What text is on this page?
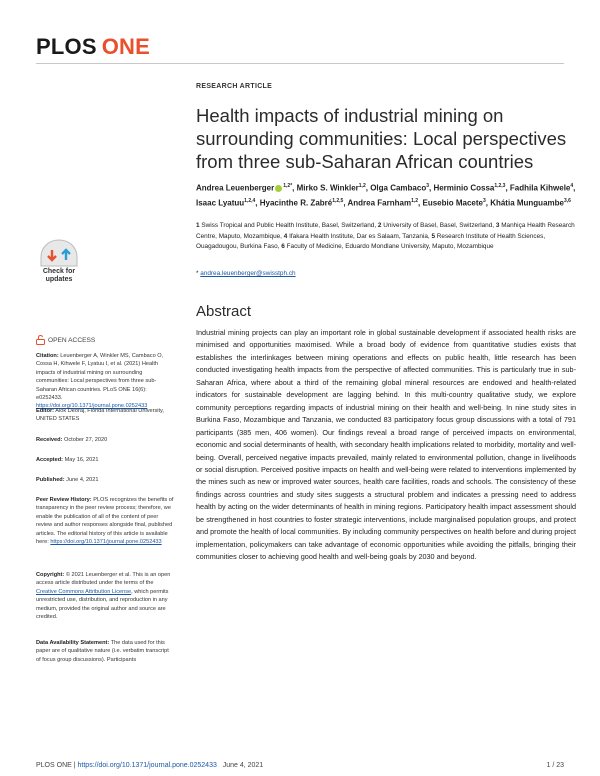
PLOS ONE
RESEARCH ARTICLE
Health impacts of industrial mining on surrounding communities: Local perspectives from three sub-Saharan African countries
Andrea Leuenberger $^{1,2*}$, Mirko S. Winkler$^{1,2}$, Olga Cambaco$^3$, Herminio Cossa$^{1,2,3}$, Fadhila Kihwele$^4$, Isaac Lyatuu$^{1,2,4}$, Hyacinthe R. Zabré$^{1,2,5}$, Andrea Farnham$^{1,2}$, Eusebio Macete$^3$, Khátia Munguambe$^{3,6}$
1 Swiss Tropical and Public Health Institute, Basel, Switzerland, 2 University of Basel, Basel, Switzerland, 3 Manhiça Health Research Centre, Maputo, Mozambique, 4 Ifakara Health Institute, Dar es Salaam, Tanzania, 5 Research Institute of Health Sciences, Ouagadougou, Burkina Faso, 6 Faculty of Medicine, Eduardo Mondlane University, Maputo, Mozambique
* andrea.leuenberger@swisstph.ch
Check for updates
OPEN ACCESS
Citation: Leuenberger A, Winkler MS, Cambaco O, Cossa H, Kihwele F, Lyatuu I, et al. (2021) Health impacts of industrial mining on surrounding communities: Local perspectives from three sub-Saharan African countries. PLoS ONE 16(6): e0252433. https://doi.org/10.1371/journal.pone.0252433
Editor: Alok Deoraj, Florida International University, UNITED STATES
Received: October 27, 2020
Accepted: May 16, 2021
Published: June 4, 2021
Peer Review History: PLOS recognizes the benefits of transparency in the peer review process; therefore, we enable the publication of all of the content of peer review and author responses alongside final, published articles. The editorial history of this article is available here: https://doi.org/10.1371/journal.pone.0252433
Copyright: © 2021 Leuenberger et al. This is an open access article distributed under the terms of the Creative Commons Attribution License, which permits unrestricted use, distribution, and reproduction in any medium, provided the original author and source are credited.
Data Availability Statement: The data used for this paper are of qualitative nature (i.e. verbatim transcript of focus group discussions). Participants
Abstract
Industrial mining projects can play an important role in global sustainable development if associated health risks are minimised and opportunities maximised. While a broad body of evidence from quantitative studies exists that establishes the interlinkages between mining operations and effects on public health, little research has been conducted investigating health impacts from the perspective of affected communities. This is particularly true in sub-Saharan Africa, where about a third of the remaining global mineral resources are endowed and health-related indicators for sustainable development are lagging behind. In this multi-country qualitative study, we explore community perceptions regarding impacts of industrial mining on their health and well-being. In nine study sites in Burkina Faso, Mozambique and Tanzania, we conducted 83 participatory focus group discussions with a total of 791 participants (385 men, 406 women). Our findings reveal a broad range of perceived impacts on environmental, economic and social determinants of health, with secondary health implications related to morbidity, mortality and well-being. Overall, perceived negative impacts prevailed, mainly related to environmental pollution, change in livelihoods or social disruption. Perceived positive impacts on health and well-being were related to interventions implemented by the mines such as new or improved water sources, health care facilities, roads and schools. The consistency of these findings across countries and study sites suggests a structural problem and indicates a pressing need to address health by acting on the wider determinants of health in mining regions. Participatory health impact assessment should be strengthened in host countries to foster strategic interventions, include marginalised population groups, and protect and promote the health of local communities. By including community perspectives on health before and during project implementation, policymakers can take advantage of economic opportunities while avoiding the pitfalls, bringing their communities closer to achieving good health and well-being goals by 2030 and beyond.
PLOS ONE | https://doi.org/10.1371/journal.pone.0252433 June 4, 2021	1 / 23
